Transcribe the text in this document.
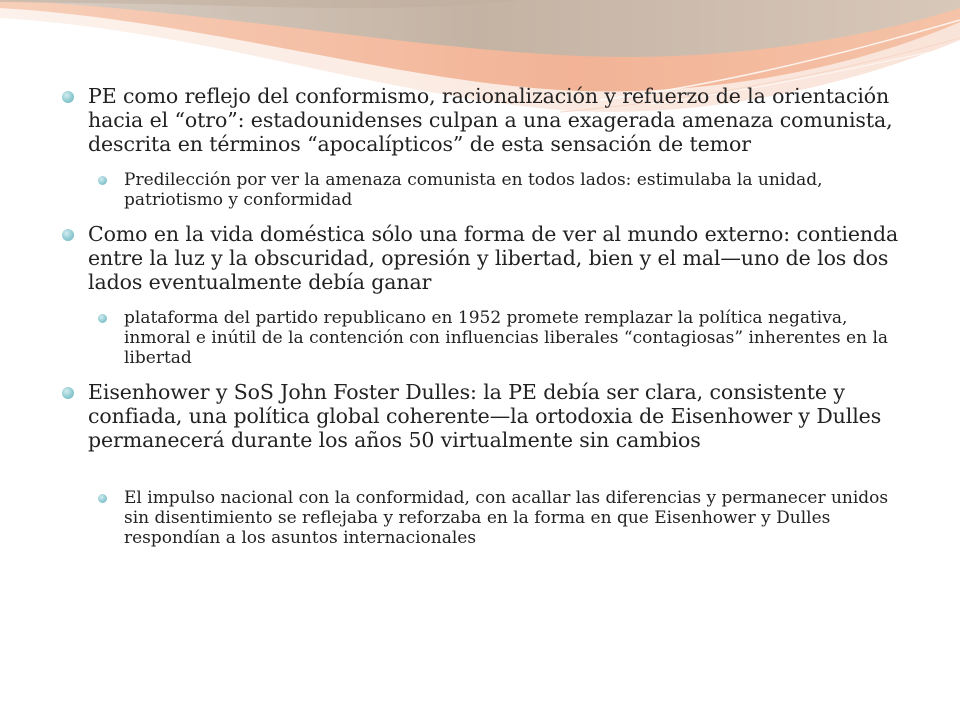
PE como reflejo del conformismo, racionalización y refuerzo de la orientación hacia el “otro”: estadounidenses culpan a una exagerada amenaza comunista, descrita en términos “apocalípticos” de esta sensación de temor
Predilección por ver la amenaza comunista en todos lados: estimulaba la unidad, patriotismo y conformidad
Como en la vida doméstica sólo una forma de ver al mundo externo: contienda entre la luz y la obscuridad, opresión y libertad, bien y el mal—uno de los dos lados eventualmente debía ganar
plataforma del partido republicano en 1952 promete remplazar la política negativa, inmoral e inútil de la contención con influencias liberales “contagiosas” inherentes en la libertad
Eisenhower y SoS John Foster Dulles: la PE debía ser clara, consistente y confiada, una política global coherente—la ortodoxia de Eisenhower y Dulles permanecerá durante los años 50 virtualmente sin cambios
El impulso nacional con la conformidad, con acallar las diferencias y permanecer unidos sin disentimiento se reflejaba y reforzaba en la forma en que Eisenhower y Dulles respondían a los asuntos internacionales
